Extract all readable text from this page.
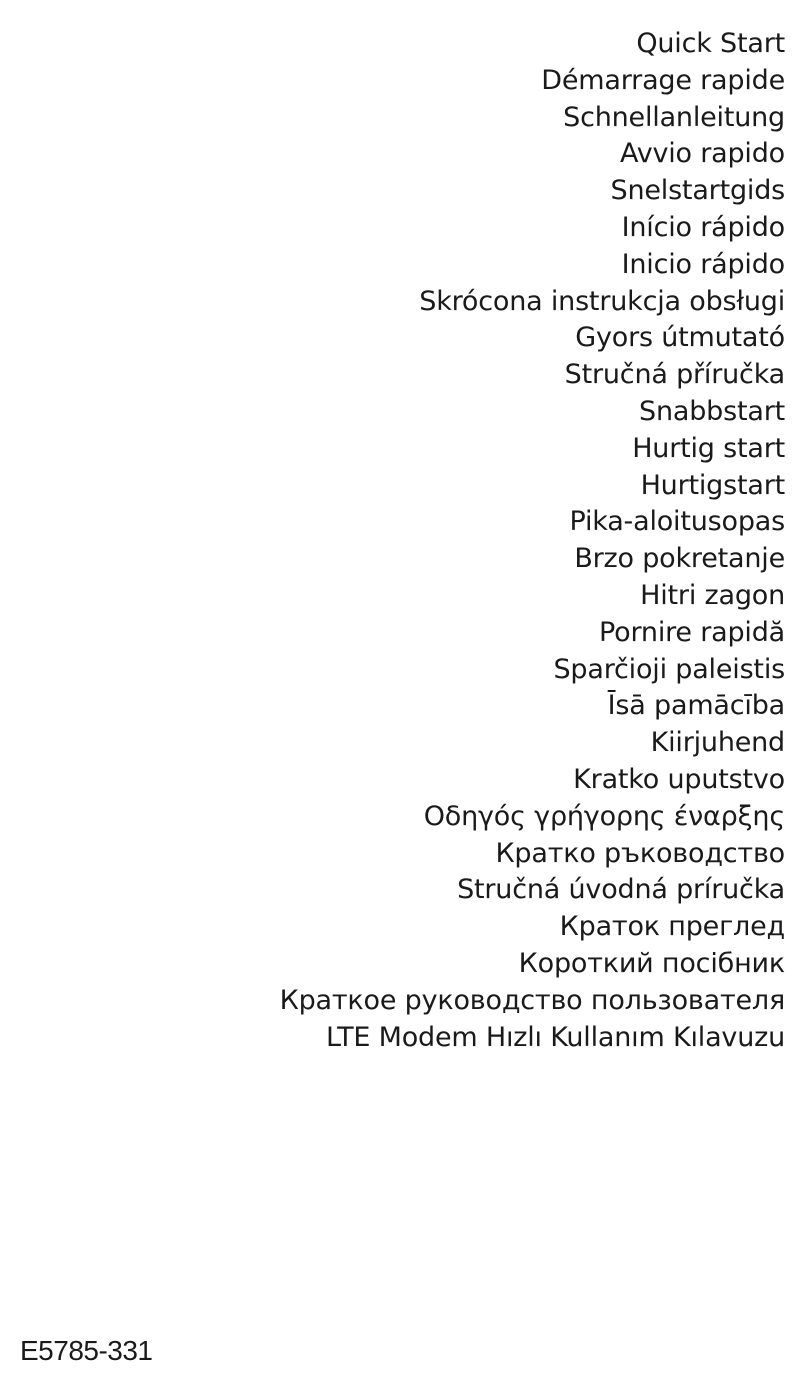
Quick Start
Démarrage rapide
Schnellanleitung
Avvio rapido
Snelstartgids
Início rápido
Inicio rápido
Skrócona instrukcja obsługi
Gyors útmutató
Stručná příručka
Snabbstart
Hurtig start
Hurtigstart
Pika-aloitusopas
Brzo pokretanje
Hitri zagon
Pornire rapidă
Sparčioji paleistis
Īsā pamācība
Kiirjuhend
Kratko uputstvo
Οδηγός γρήγορης έναρξης
Кратко ръководство
Stručná úvodná príručka
Краток преглед
Короткий посібник
Краткое руководство пользователя
LTE Modem Hızlı Kullanım Kılavuzu
E5785-331
